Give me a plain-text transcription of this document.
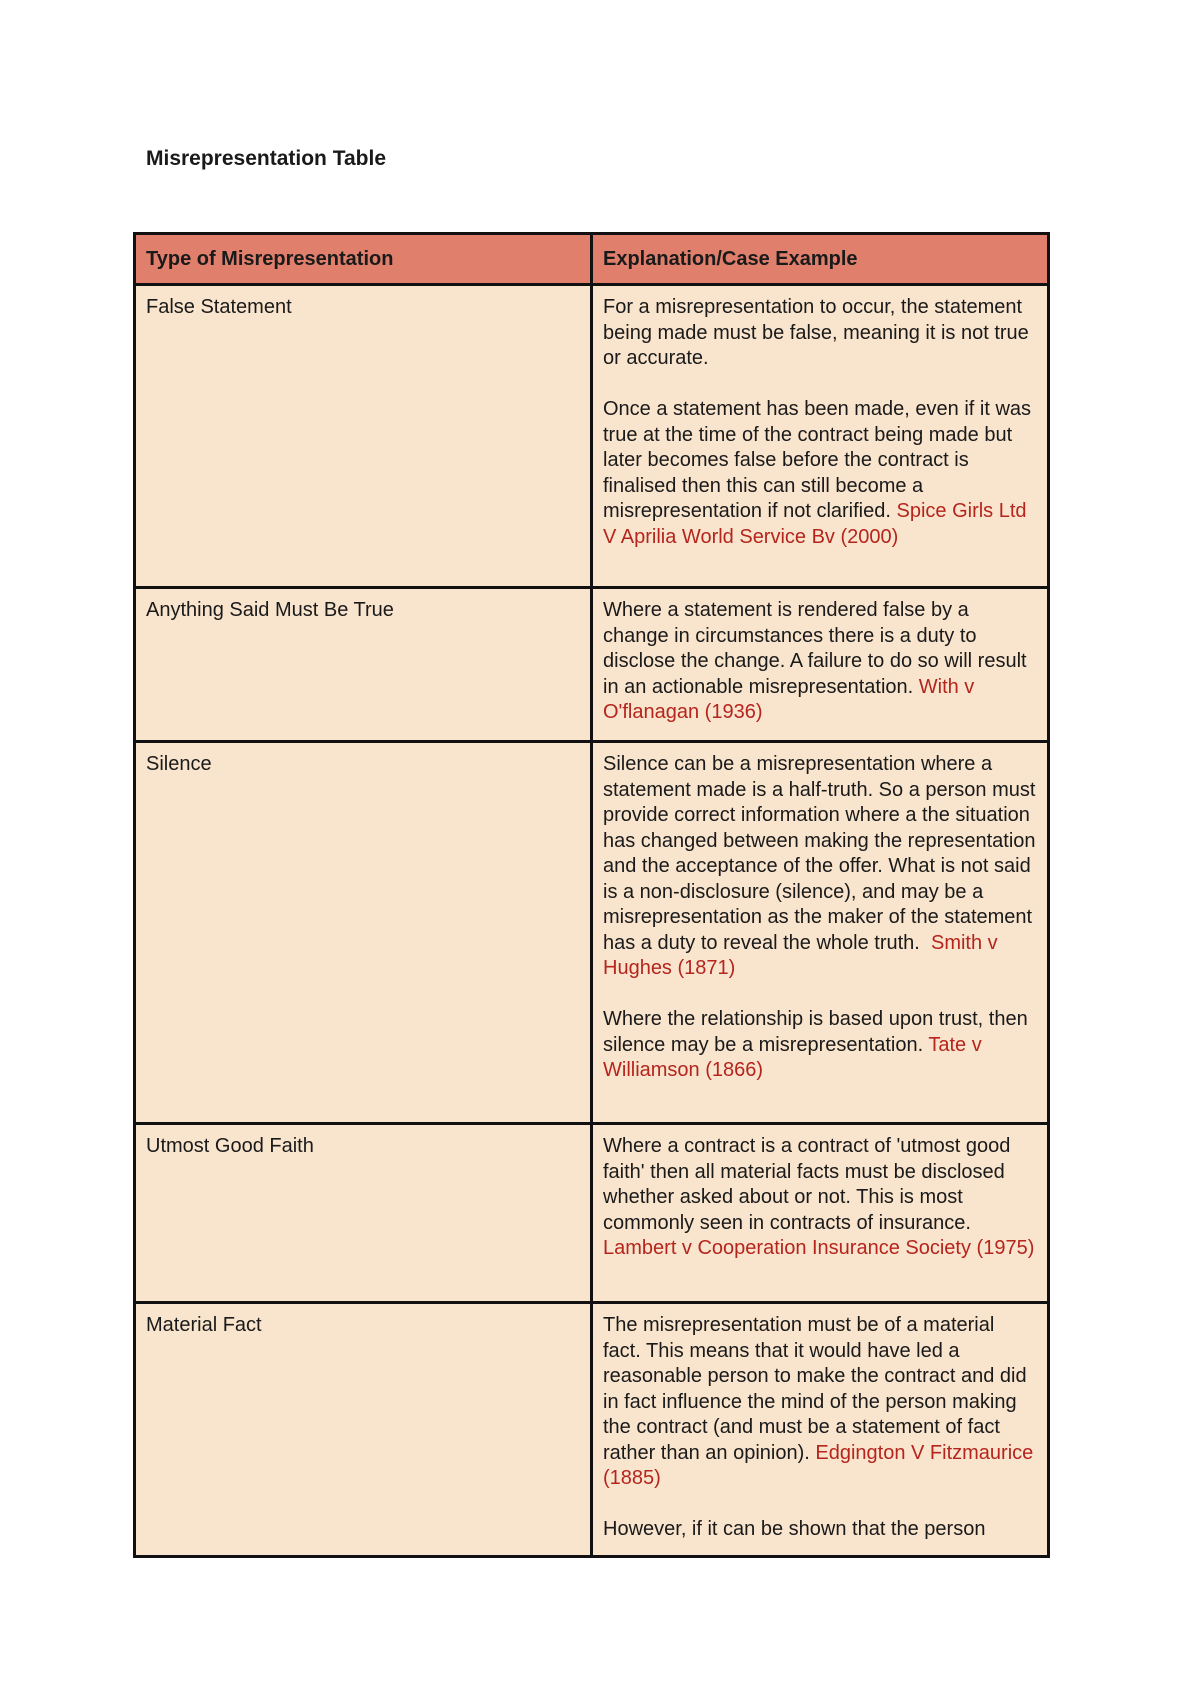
Misrepresentation Table
Type of Misrepresentation	Explanation/Case Example
False Statement	For a misrepresentation to occur, the statement being made must be false, meaning it is not true or accurate.

Once a statement has been made, even if it was true at the time of the contract being made but later becomes false before the contract is finalised then this can still become a misrepresentation if not clarified. Spice Girls Ltd V Aprilia World Service Bv (2000)

Anything Said Must Be True	Where a statement is rendered false by a change in circumstances there is a duty to disclose the change. A failure to do so will result in an actionable misrepresentation. With v O'flanagan (1936)

Silence	Silence can be a misrepresentation where a statement made is a half-truth. So a person must provide correct information where a the situation has changed between making the representation and the acceptance of the offer. What is not said is a non-disclosure (silence), and may be a misrepresentation as the maker of the statement has a duty to reveal the whole truth. Smith v Hughes (1871)

Where the relationship is based upon trust, then silence may be a misrepresentation. Tate v Williamson (1866)

Utmost Good Faith	Where a contract is a contract of 'utmost good faith' then all material facts must be disclosed whether asked about or not. This is most commonly seen in contracts of insurance. Lambert v Cooperation Insurance Society (1975)

Material Fact	The misrepresentation must be of a material fact. This means that it would have led a reasonable person to make the contract and did in fact influence the mind of the person making the contract (and must be a statement of fact rather than an opinion). Edgington V Fitzmaurice (1885)

However, if it can be shown that the person
